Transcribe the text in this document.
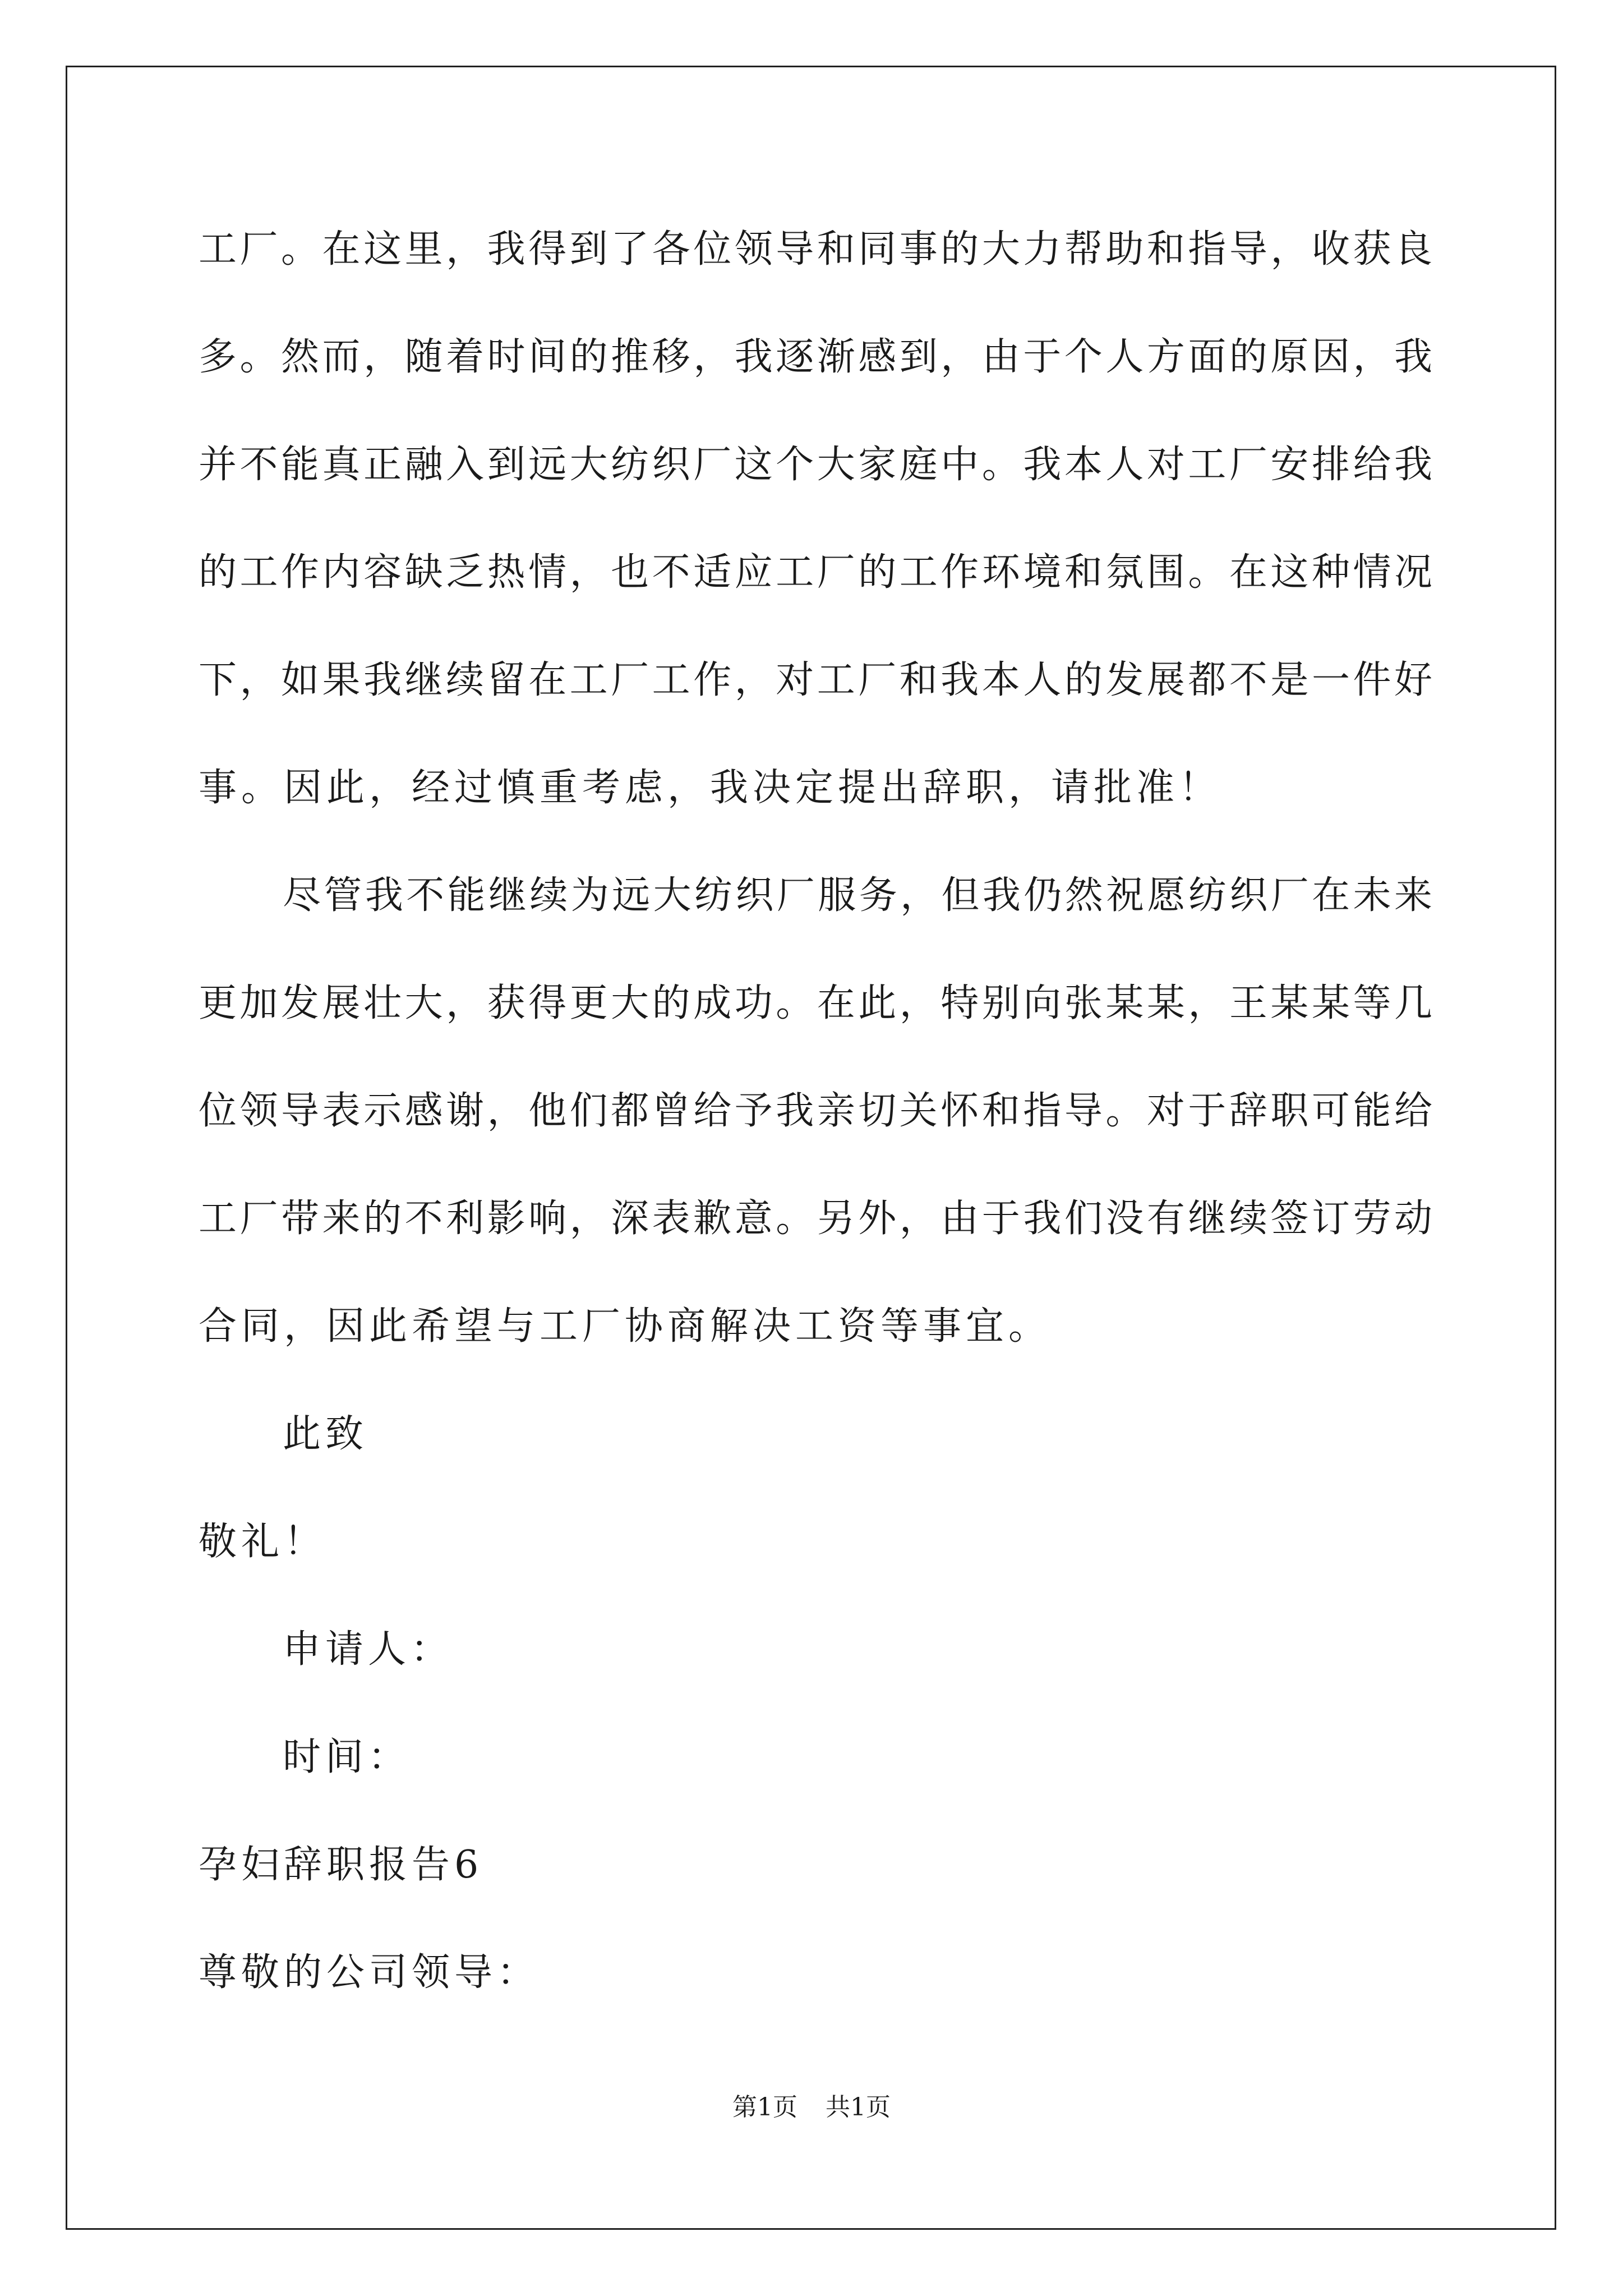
工厂。在这里，我得到了各位领导和同事的大力帮助和指导，收获良
多。然而，随着时间的推移，我逐渐感到，由于个人方面的原因，我
并不能真正融入到远大纺织厂这个大家庭中。我本人对工厂安排给我
的工作内容缺乏热情，也不适应工厂的工作环境和氛围。在这种情况
下，如果我继续留在工厂工作，对工厂和我本人的发展都不是一件好
事。因此，经过慎重考虑，我决定提出辞职，请批准！
尽管我不能继续为远大纺织厂服务，但我仍然祝愿纺织厂在未来
更加发展壮大，获得更大的成功。在此，特别向张某某，王某某等几
位领导表示感谢，他们都曾给予我亲切关怀和指导。对于辞职可能给
工厂带来的不利影响，深表歉意。另外，由于我们没有继续签订劳动
合同，因此希望与工厂协商解决工资等事宜。
此致
敬礼！
申请人：
时间：
孕妇辞职报告6
尊敬的公司领导：
第1页 共1页
